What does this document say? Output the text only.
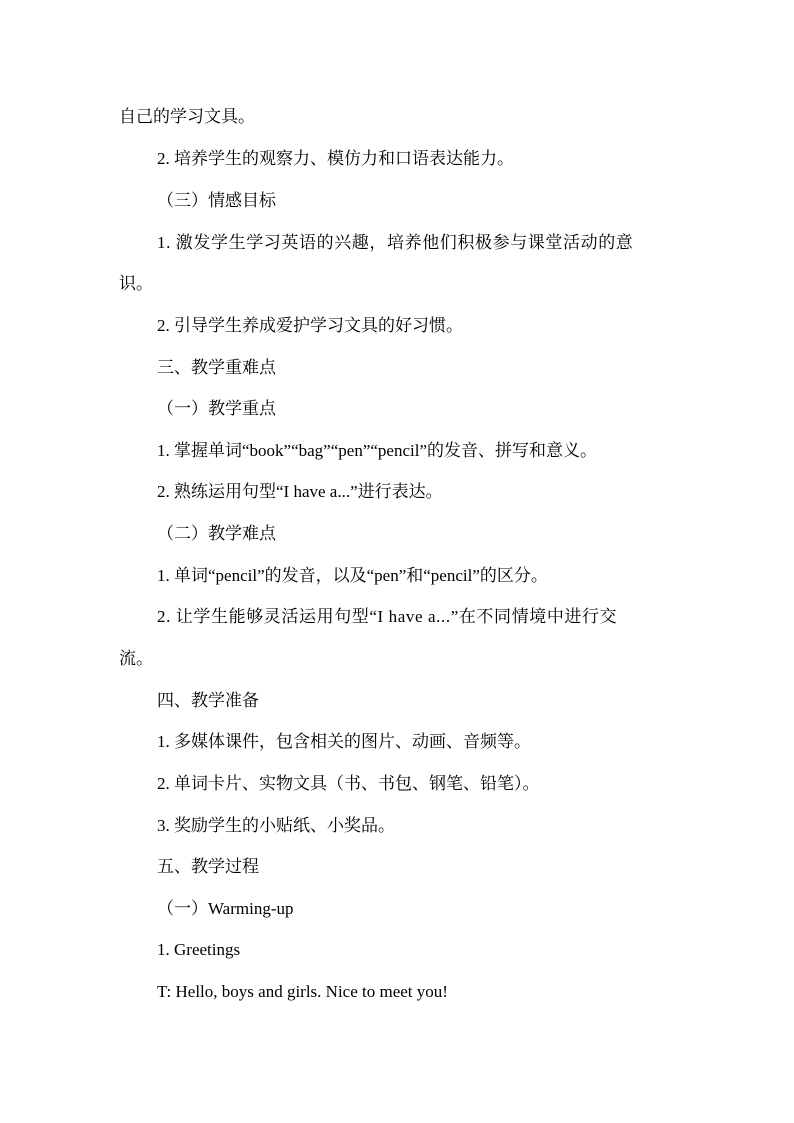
自己的学习文具。
2. 培养学生的观察力、模仿力和口语表达能力。
（三）情感目标
1. 激发学生学习英语的兴趣，培养他们积极参与课堂活动的意
识。
2. 引导学生养成爱护学习文具的好习惯。
三、教学重难点
（一）教学重点
1. 掌握单词“book”“bag”“pen”“pencil”的发音、拼写和意义。
2. 熟练运用句型“I have a...”进行表达。
（二）教学难点
1. 单词“pencil”的发音，以及“pen”和“pencil”的区分。
2. 让学生能够灵活运用句型“I have a...”在不同情境中进行交
流。
四、教学准备
1. 多媒体课件，包含相关的图片、动画、音频等。
2. 单词卡片、实物文具（书、书包、钢笔、铅笔）。
3. 奖励学生的小贴纸、小奖品。
五、教学过程
（一）Warming-up
1. Greetings
T: Hello, boys and girls. Nice to meet you!
